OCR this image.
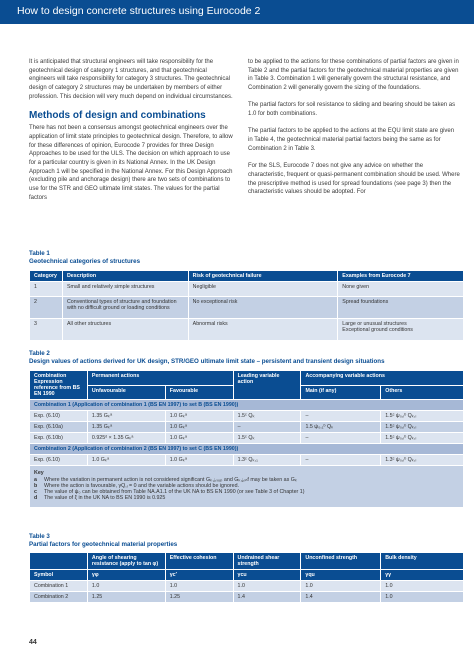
How to design concrete structures using Eurocode 2

It is anticipated that structural engineers will take responsibility for the geotechnical design of category 1 structures, and that geotechnical engineers will take responsibility for category 3 structures. The geotechnical design of category 2 structures may be undertaken by members of either profession. This decision will very much depend on individual circumstances.

Methods of design and combinations

There has not been a consensus amongst geotechnical engineers over the application of limit state principles to geotechnical design. Therefore, to allow for these differences of opinion, Eurocode 7 provides for three Design Approaches to be used for the ULS. The decision on which approach to use for a particular country is given in its National Annex. In the UK Design Approach 1 will be specified in the National Annex. For this Design Approach (excluding pile and anchorage design) there are two sets of combinations to use for the STR and GEO ultimate limit states. The values for the partial factors

to be applied to the actions for these combinations of partial factors are given in Table 2 and the partial factors for the geotechnical material properties are given in Table 3. Combination 1 will generally govern the structural resistance, and Combination 2 will generally govern the sizing of the foundations.

The partial factors for soil resistance to sliding and bearing should be taken as 1.0 for both combinations.

The partial factors to be applied to the actions at the EQU limit state are given in Table 4, the geotechnical material partial factors being the same as for Combination 2 in Table 3.

For the SLS, Eurocode 7 does not give any advice on whether the characteristic, frequent or quasi-permanent combination should be used. Where the prescriptive method is used for spread foundations (see page 3) then the characteristic values should be adopted. For

Table 1
Geotechnical categories of structures
Category	Description	Risk of geotechnical failure	Examples from Eurocode 7
1	Small and relatively simple structures	Negligible	None given
2	Conventional types of structure and foundation with no difficult ground or loading conditions	No exceptional risk	Spread foundations
3	All other structures	Abnormal risks	Large or unusual structures
Exceptional ground conditions
Table 2
Design values of actions derived for UK design, STR/GEO ultimate limit state – persistent and transient design situations
Combination Expression reference from BS EN 1990	Permanent actions		Leading variable action	Accompanying variable actions	
	Unfavourable	Favourable		Main (if any)	Others
Combination 1 (Application of combination 1 (BS EN 1997) to set B (BS EN 1990))					
Exp. (6.10)	1.35 Gₖᵃ	1.0 Gₖᵃ	1.5ᶜ Qₖ	–	1.5ᶜ ψ₀,ᵢᵇ Qₖ,ᵢ
Exp. (6.10a)	1.35 Gₖᵃ	1.0 Gₖᵃ	–	1.5 ψ₀,₁ᵇ Qₖ	1.5ᶜ ψ₀,ᵢᵇ Qₖ,ᵢ
Exp. (6.10b)	0.925ᵈ × 1.35 Gₖᵃ	1.0 Gₖᵃ	1.5ᶜ Qₖ	–	1.5ᶜ ψ₀,ᵢᵇ Qₖ,ᵢ
Combination 2 (Application of combination 2 (BS EN 1997) to set C (BS EN 1990))					
Exp. (6.10)	1.0 Gₖᵃ	1.0 Gₖᵃ	1.3ᶜ Qₖ,₁	–	1.3ᶜ ψ₀,ᵢᵇ Qₖ,ᵢ

Key
a Where the variation in permanent action is not considered significant Gₖ,ⱼ,ₛᵤₚ and Gₖ,ⱼ,ᵢₙf may be taken as Gₖ
b Where the action is favourable, γQ,ᵢ = 0 and the variable actions should be ignored.
c The value of ψ₀ can be obtained from Table NA.A1.1 of the UK NA to BS EN 1990 (or see Table 3 of Chapter 1)
d The value of ξ in the UK NA to BS EN 1990 is 0.925					
Table 3
Partial factors for geotechnical material properties
	Angle of shearing resistance (apply to tan φ)	Effective cohesion	Undrained shear strength	Unconfined strength	Bulk density
Symbol	γφ	γc′	γcu	γqu	γγ
Combination 1	1.0	1.0	1.0	1.0	1.0
Combination 2	1.25	1.25	1.4	1.4	1.0
44
